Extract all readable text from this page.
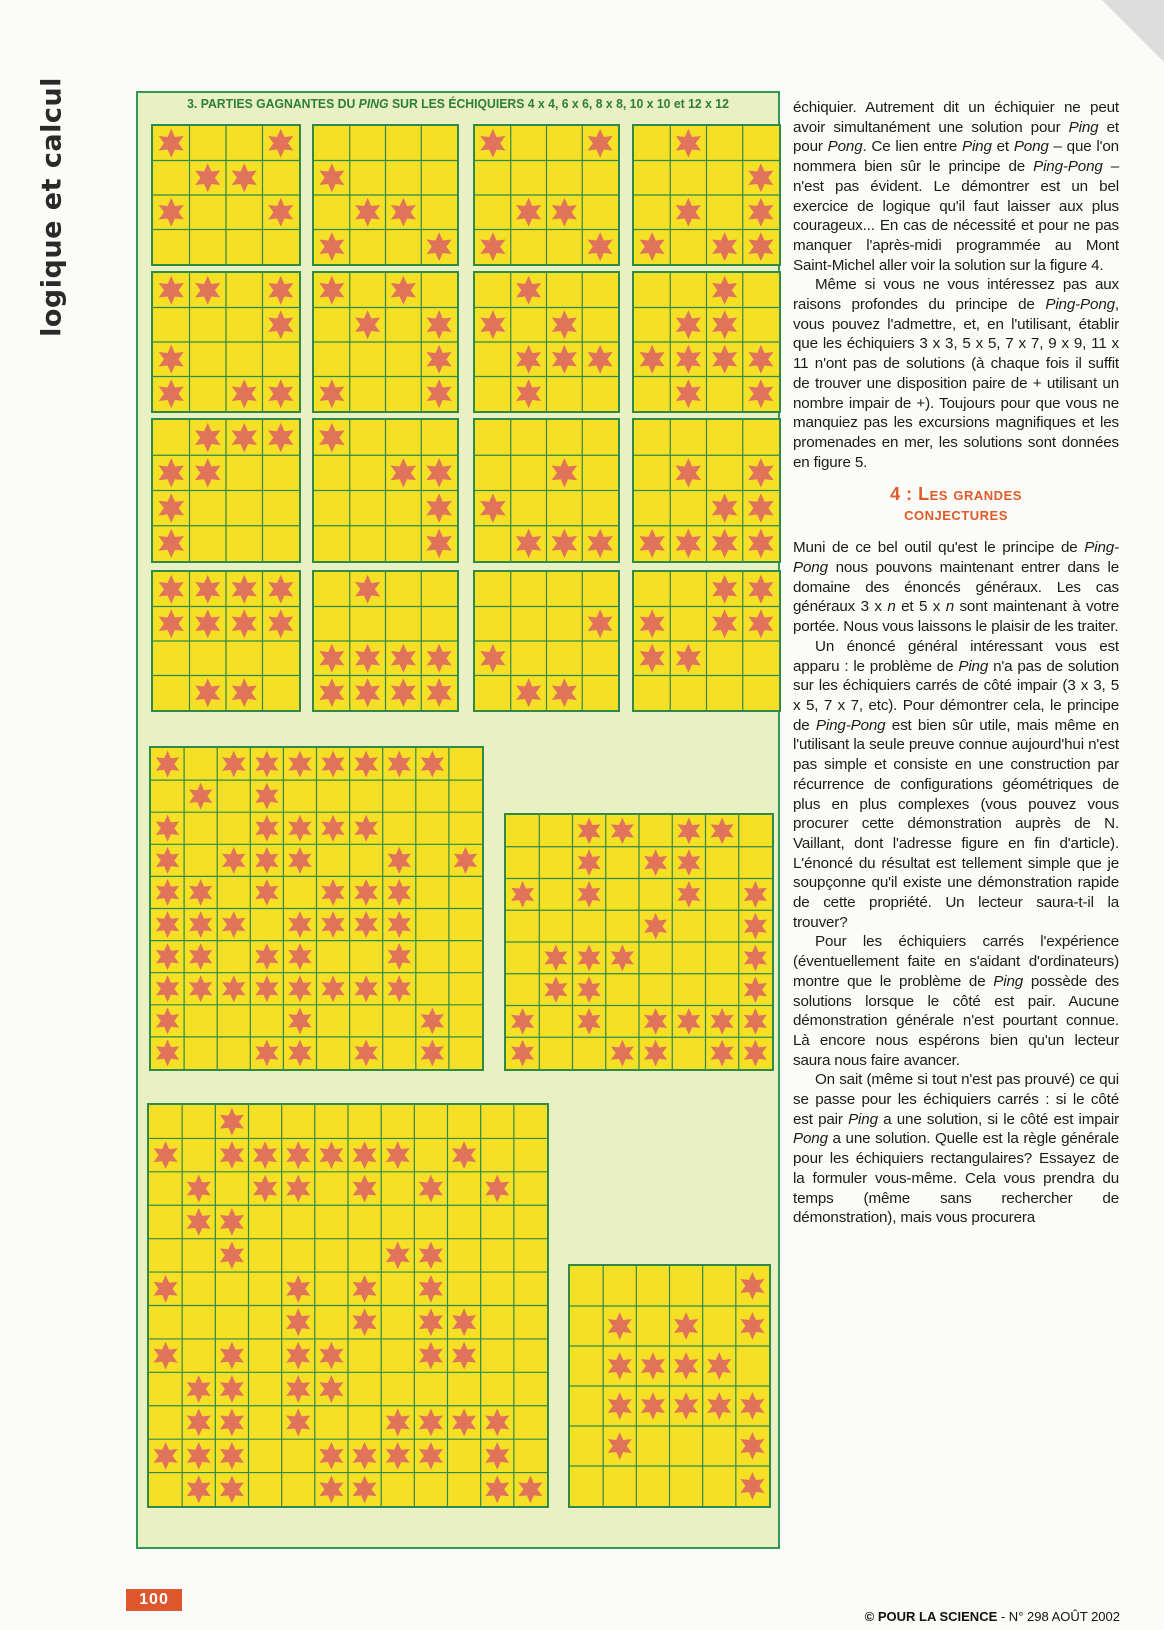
logique et calcul	3. PARTIES GAGNANTES DU PING SUR LES ÉCHIQUIERS 4 x 4, 6 x 6, 8 x 8, 10 x 10 et 12 x 12	échiquier. Autrement dit un échiquier ne peut avoir simultanément une solution pour Ping et pour Pong. Ce lien entre Ping et Pong – que l'on nommera bien sûr le principe de Ping-Pong – n'est pas évident. Le démontrer est un bel exercice de logique qu'il faut laisser aux plus courageux... En cas de nécessité et pour ne pas manquer l'après-midi programmée au Mont Saint-Michel aller voir la solution sur la figure 4.

Même si vous ne vous intéressez pas aux raisons profondes du principe de Ping-Pong, vous pouvez l'admettre, et, en l'utilisant, établir que les échiquiers 3 x 3, 5 x 5, 7 x 7, 9 x 9, 11 x 11 n'ont pas de solutions (à chaque fois il suffit de trouver une disposition paire de + utilisant un nombre impair de +). Toujours pour que vous ne manquiez pas les excursions magnifiques et les promenades en mer, les solutions sont données en figure 5.

4 : Les grandes
conjectures

Muni de ce bel outil qu'est le principe de Ping-Pong nous pouvons maintenant entrer dans le domaine des énoncés généraux. Les cas généraux 3 x n et 5 x n sont maintenant à votre portée. Nous vous laissons le plaisir de les traiter.

Un énoncé général intéressant vous est apparu : le problème de Ping n'a pas de solution sur les échiquiers carrés de côté impair (3 x 3, 5 x 5, 7 x 7, etc). Pour démontrer cela, le principe de Ping-Pong est bien sûr utile, mais même en l'utilisant la seule preuve connue aujourd'hui n'est pas simple et consiste en une construction par récurrence de configurations géométriques de plus en plus complexes (vous pouvez vous procurer cette démonstration auprès de N. Vaillant, dont l'adresse figure en fin d'article). L'énoncé du résultat est tellement simple que je soupçonne qu'il existe une démonstration rapide de cette propriété. Un lecteur saura-t-il la trouver?

Pour les échiquiers carrés l'expérience (éventuellement faite en s'aidant d'ordinateurs) montre que le problème de Ping possède des solutions lorsque le côté est pair. Aucune démonstration générale n'est pourtant connue. Là encore nous espérons bien qu'un lecteur saura nous faire avancer.

On sait (même si tout n'est pas prouvé) ce qui se passe pour les échiquiers carrés : si le côté est pair Ping a une solution, si le côté est impair Pong a une solution. Quelle est la règle générale pour les échiquiers rectangulaires? Essayez de la formuler vous-même. Cela vous prendra du temps (même sans rechercher de démonstration), mais vous procurera

100
© POUR LA SCIENCE - N° 298 AOÛT 2002
